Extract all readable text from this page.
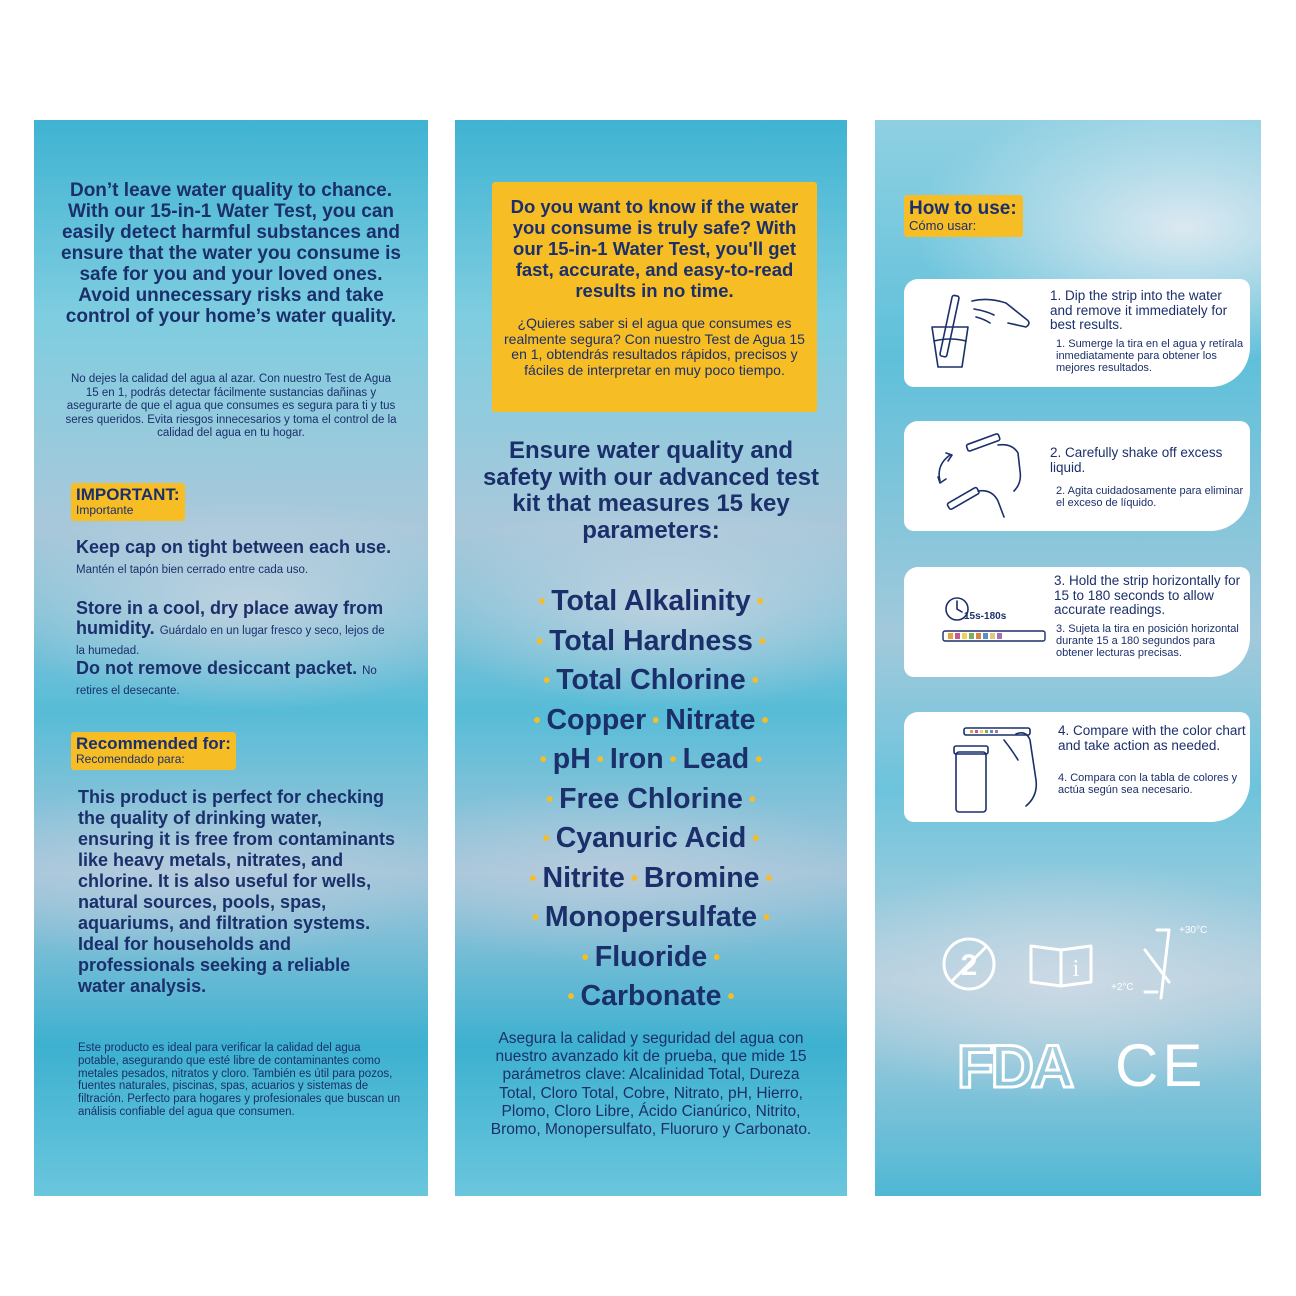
Don’t leave water quality to chance. With our 15-in-1 Water Test, you can easily detect harmful substances and ensure that the water you consume is safe for you and your loved ones. Avoid unnecessary risks and take control of your home’s water quality.
No dejes la calidad del agua al azar. Con nuestro Test de Agua 15 en 1, podrás detectar fácilmente sustancias dañinas y asegurarte de que el agua que consumes es segura para ti y tus seres queridos. Evita riesgos innecesarios y toma el control de la calidad del agua en tu hogar.
IMPORTANT:
Importante
Keep cap on tight between each use. Mantén el tapón bien cerrado entre cada uso.
Store in a cool, dry place away from humidity. Guárdalo en un lugar fresco y seco, lejos de la humedad.
Do not remove desiccant packet. No retires el desecante.
Recommended for:
Recomendado para:
This product is perfect for checking the quality of drinking water, ensuring it is free from contaminants like heavy metals, nitrates, and chlorine. It is also useful for wells, natural sources, pools, spas, aquariums, and filtration systems. Ideal for households and professionals seeking a reliable water analysis.
Este producto es ideal para verificar la calidad del agua potable, asegurando que esté libre de contaminantes como metales pesados, nitratos y cloro. También es útil para pozos, fuentes naturales, piscinas, spas, acuarios y sistemas de filtración. Perfecto para hogares y profesionales que buscan un análisis confiable del agua que consumen.
Do you want to know if the water you consume is truly safe? With our 15-in-1 Water Test, you'll get fast, accurate, and easy-to-read results in no time.
¿Quieres saber si el agua que consumes es realmente segura? Con nuestro Test de Agua 15 en 1, obtendrás resultados rápidos, precisos y fáciles de interpretar en muy poco tiempo.
Ensure water quality and safety with our advanced test kit that measures 15 key parameters:
• Total Alkalinity •
• Total Hardness •
• Total Chlorine •
• Copper • Nitrate •
• pH • Iron • Lead •
• Free Chlorine •
• Cyanuric Acid •
• Nitrite • Bromine •
• Monopersulfate •
• Fluoride •
• Carbonate •
Asegura la calidad y seguridad del agua con nuestro avanzado kit de prueba, que mide 15 parámetros clave: Alcalinidad Total, Dureza Total, Cloro Total, Cobre, Nitrato, pH, Hierro, Plomo, Cloro Libre, Ácido Cianúrico, Nitrito, Bromo, Monopersulfato, Fluoruro y Carbonato.
How to use:
Cómo usar:
1. Dip the strip into the water and remove it immediately for best results.
1. Sumerge la tira en el agua y retírala inmediatamente para obtener los mejores resultados.
2. Carefully shake off excess liquid.
2. Agita cuidadosamente para eliminar el exceso de líquido.
15s-180s
3. Hold the strip horizontally for 15 to 180 seconds to allow accurate readings.
3. Sujeta la tira en posición horizontal durante 15 a 180 segundos para obtener lecturas precisas.
4. Compare with the color chart and take action as needed.
4. Compara con la tabla de colores y actúa según sea necesario.
2	i
+30°C
+2°C
FDA CE
